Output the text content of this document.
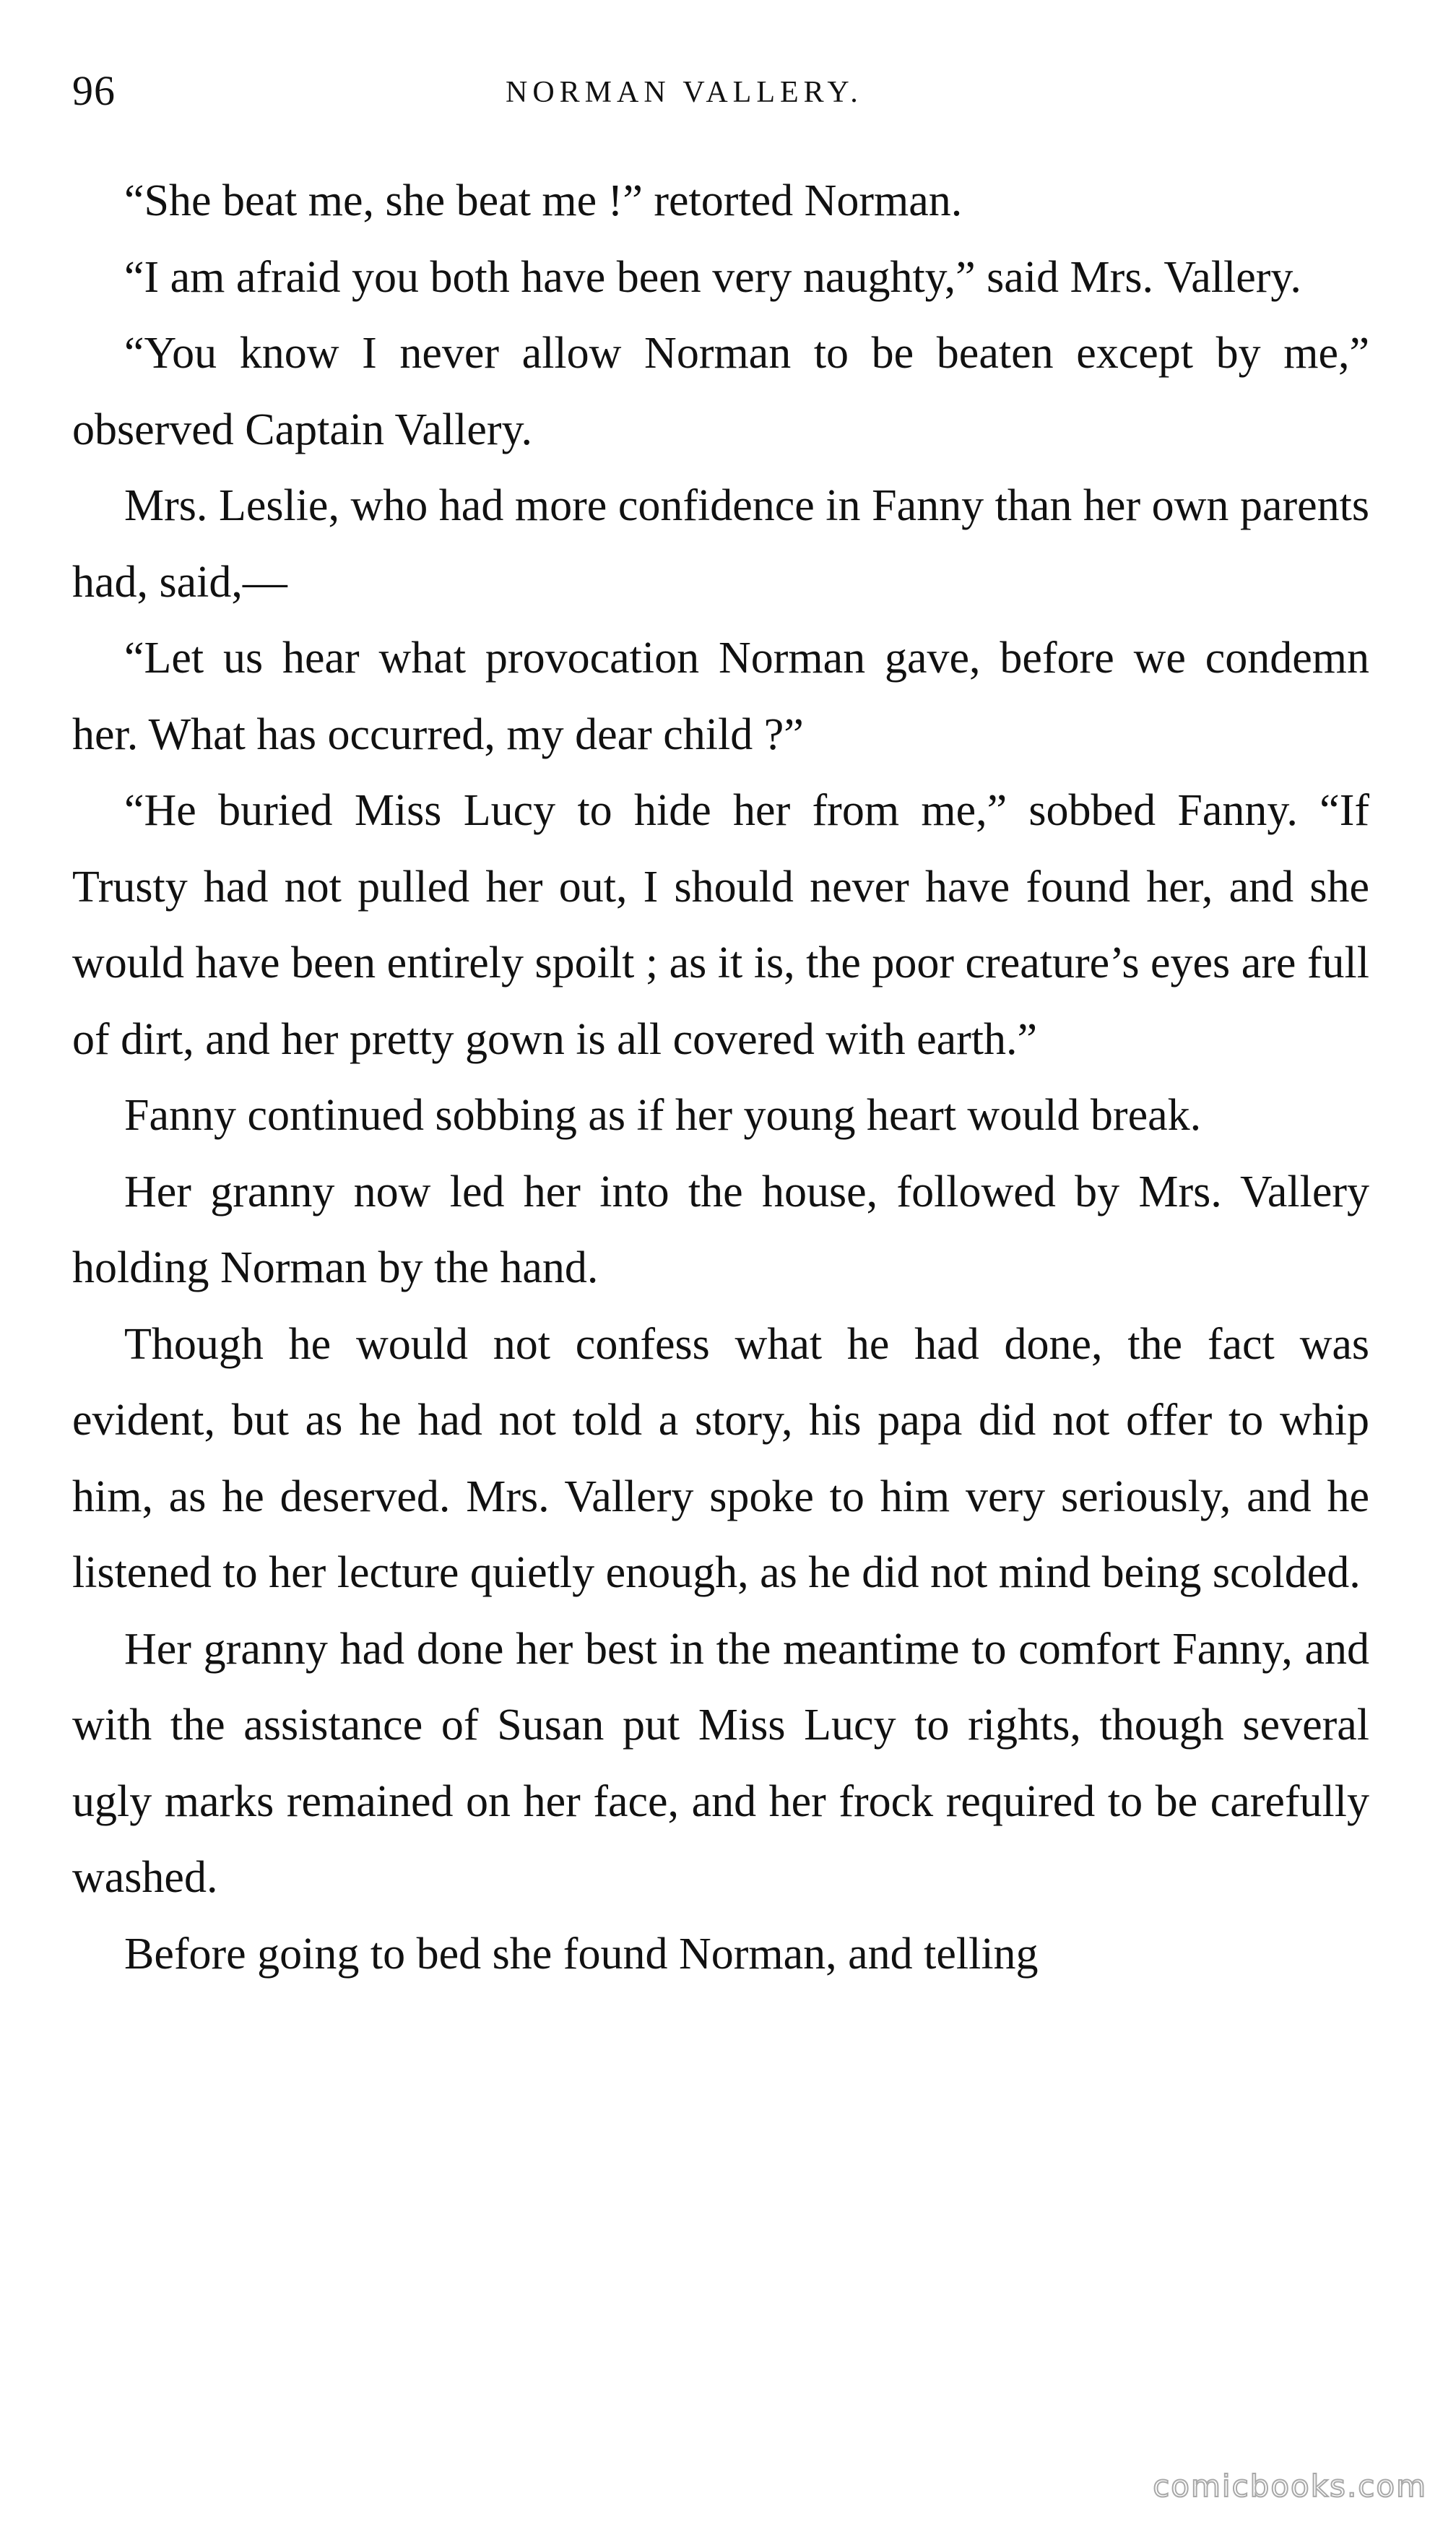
96	NORMAN VALLERY.

“She beat me, she beat me !” retorted Norman.

“I am afraid you both have been very naughty,” said Mrs. Vallery.

“You know I never allow Norman to be beaten except by me,” observed Captain Vallery.

Mrs. Leslie, who had more confidence in Fanny than her own parents had, said,—

“Let us hear what provocation Norman gave, before we condemn her. What has occurred, my dear child ?”

“He buried Miss Lucy to hide her from me,” sobbed Fanny. “If Trusty had not pulled her out, I should never have found her, and she would have been entirely spoilt ; as it is, the poor creature’s eyes are full of dirt, and her pretty gown is all covered with earth.”

Fanny continued sobbing as if her young heart would break.

Her granny now led her into the house, followed by Mrs. Vallery holding Norman by the hand.

Though he would not confess what he had done, the fact was evident, but as he had not told a story, his papa did not offer to whip him, as he deserved. Mrs. Vallery spoke to him very seriously, and he listened to her lecture quietly enough, as he did not mind being scolded.

Her granny had done her best in the meantime to comfort Fanny, and with the assistance of Susan put Miss Lucy to rights, though several ugly marks remained on her face, and her frock required to be carefully washed.

Before going to bed she found Norman, and telling

comicbooks.com
